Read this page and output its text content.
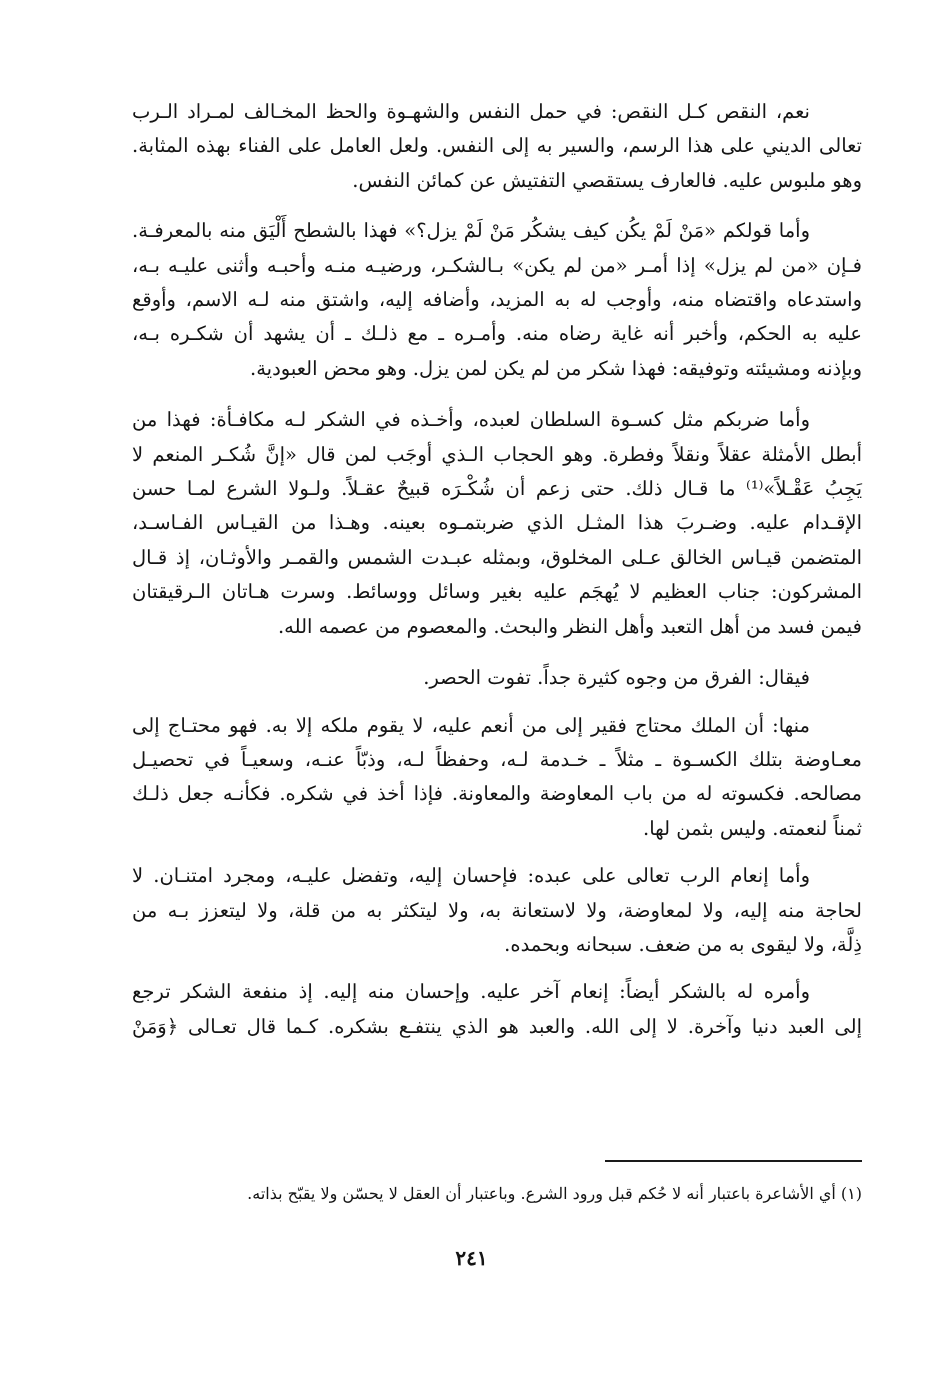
نعم، النقص كـل النقص: في حمل النفس والشهـوة والحظ المخـالف لمـراد الـرب
تعالى الديني على هذا الرسم، والسير به إلى النفس. ولعل العامل على الفناء بهذه المثابة.
وهو ملبوس عليه. فالعارف يستقصي التفتيش عن كمائن النفس.

وأما قولكم «مَنْ لَمْ يكُن كيف يشكُر مَنْ لَمْ يزل؟» فهذا بالشطح أَلْيَق منه بالمعرفـة.
فـإن «من لم يزل» إذا أمـر «من لم يكن» بـالشكـر، ورضيـه منـه وأحبـه وأثنى عليـه بـه،
واستدعاه واقتضاه منه، وأوجب له به المزيد، وأضافه إليه، واشتق منه لـه الاسم، وأوقع
عليه به الحكم، وأخبر أنه غاية رضاه منه. وأمـره ـ مع ذلـك ـ أن يشهد أن شكـره بـه،
وبإذنه ومشيئته وتوفيقه: فهذا شكر من لم يكن لمن يزل. وهو محض العبودية.

وأما ضربكم مثل كسـوة السلطان لعبده، وأخـذه في الشكر لـه مكافـأة: فهذا من
أبطل الأمثلة عقلاً ونقلاً وفطرة. وهو الحجاب الـذي أوجَب لمن قال «إنَّ شُكـر المنعم لا
يَجِبُ عَقْـلاً»⁽¹⁾ ما قـال ذلك. حتى زعم أن شُكْـرَه قبيحٌ عقـلاً. ولـولا الشرع لمـا حسن
الإقـدام عليه. وضـربَ هذا المثـل الذي ضربتمـوه بعينه. وهـذا من القيـاس الفـاسـد،
المتضمن قيـاس الخالق عـلى المخلوق، وبمثله عبـدت الشمس والقمـر والأوثـان، إذ قـال
المشركون: جناب العظيم لا يُهجَم عليه بغير وسائل ووسائط. وسرت هـاتان الـرقيقتان
فيمن فسد من أهل التعبد وأهل النظر والبحث. والمعصوم من عصمه الله.

فيقال: الفرق من وجوه كثيرة جداً. تفوت الحصر.

منها: أن الملك محتاج فقير إلى من أنعم عليه، لا يقوم ملكه إلا به. فهو محتـاج إلى
معـاوضة بتلك الكسـوة ـ مثلاً ـ خـدمة لـه، وحفظاً لـه، وذبّاً عنـه، وسعيـاً في تحصيـل
مصالحه. فكسوته له من باب المعاوضة والمعاونة. فإذا أخذ في شكره. فكأنـه جعل ذلـك
ثمناً لنعمته. وليس بثمن لها.

وأما إنعام الرب تعالى على عبده: فإحسان إليه، وتفضل عليـه، ومجرد امتنـان. لا
لحاجة منه إليه، ولا لمعاوضة، ولا لاستعانة به، ولا ليتكثر به من قلة، ولا ليتعزز بـه من
ذِلَّة، ولا ليقوى به من ضعف. سبحانه وبحمده.

وأمره له بالشكر أيضاً: إنعام آخر عليه. وإحسان منه إليه. إذ منفعة الشكر ترجع
إلى العبد دنيا وآخرة. لا إلى الله. والعبد هو الذي ينتفـع بشكره. كـما قال تعـالى ﴿وَمَنْ

(١) أي الأشاعرة باعتبار أنه لا حُكم قبل ورود الشرع. وباعتبار أن العقل لا يحسّن ولا يقبّح بذاته.
٢٤١
